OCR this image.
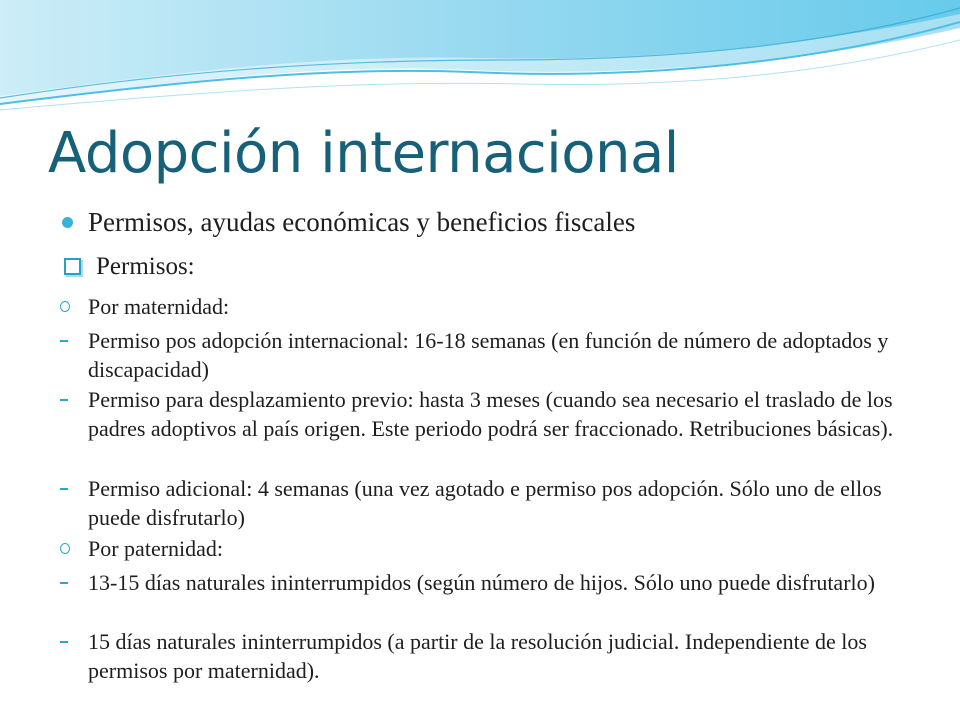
Adopción internacional
Permisos, ayudas económicas y beneficios fiscales
Permisos:
Por maternidad:
Permiso pos adopción internacional: 16-18 semanas (en función de número de adoptados y discapacidad)
Permiso para desplazamiento previo: hasta 3 meses (cuando sea necesario el traslado de los padres adoptivos al país origen. Este periodo podrá ser fraccionado. Retribuciones básicas).
Permiso adicional: 4 semanas (una vez agotado e permiso pos adopción. Sólo uno de ellos puede disfrutarlo)
Por paternidad:
13-15 días naturales ininterrumpidos (según número de hijos. Sólo uno puede disfrutarlo)
15 días naturales ininterrumpidos (a partir de la resolución judicial. Independiente de los permisos por maternidad).
